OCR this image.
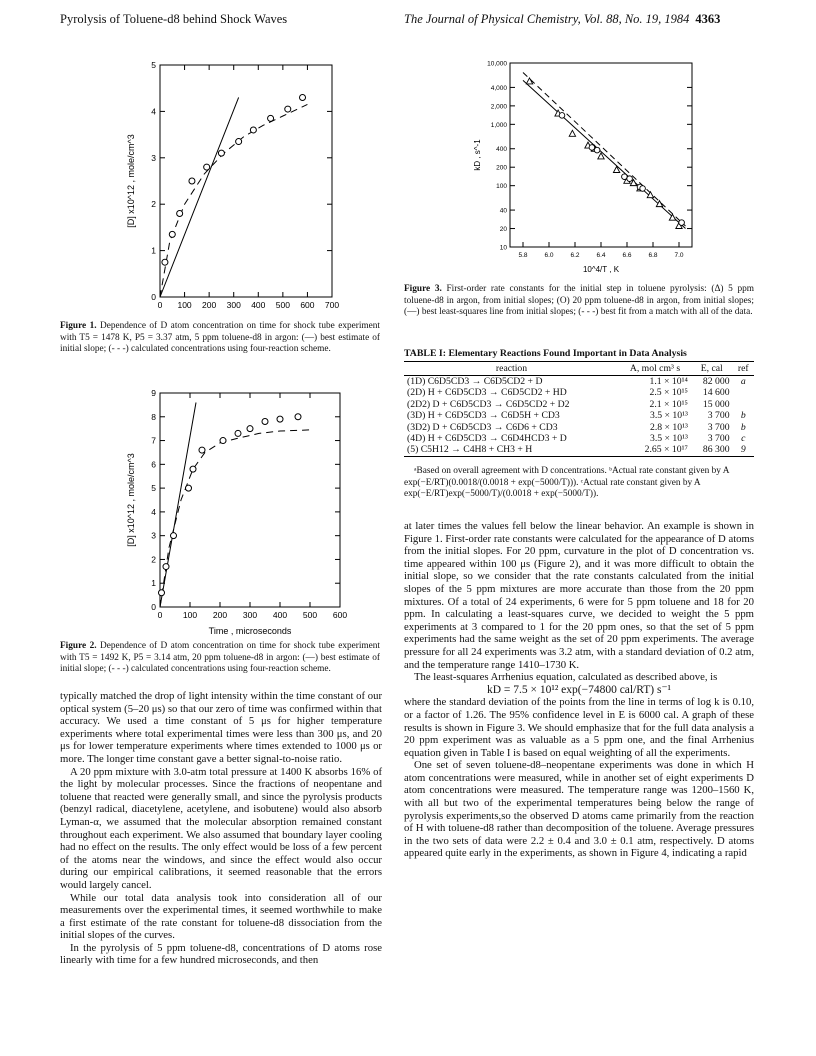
Pyrolysis of Toluene-d8 behind Shock Waves	The Journal of Physical Chemistry, Vol. 88, No. 19, 1984 4363
0 100 200 300 400 500 600 700
0
1
2
3
4
5
[D] x10^12 , mole/cm^3
Figure 1. Dependence of D atom concentration on time for shock tube experiment with T5 = 1478 K, P5 = 3.37 atm, 5 ppm toluene-d8 in argon: (—) best estimate of initial slope; (- - -) calculated concentrations using four-reaction scheme.
0 100 200 300 400 500 600
0
1
2
3
4
5
6
7
8
9
Time , microseconds
[D] x10^12 , mole/cm^3
Figure 2. Dependence of D atom concentration on time for shock tube experiment with T5 = 1492 K, P5 = 3.14 atm, 20 ppm toluene-d8 in argon: (—) best estimate of initial slope; (- - -) calculated concentrations using four-reaction scheme.

typically matched the drop of light intensity within the time constant of our optical system (5–20 μs) so that our zero of time was confirmed within that accuracy. We used a time constant of 5 μs for higher temperature experiments where total experimental times were less than 300 μs, and 20 μs for lower temperature experiments where times extended to 1000 μs or more. The longer time constant gave a better signal-to-noise ratio.

A 20 ppm mixture with 3.0-atm total pressure at 1400 K absorbs 16% of the light by molecular processes. Since the fractions of neopentane and toluene that reacted were generally small, and since the pyrolysis products (benzyl radical, diacetylene, acetylene, and isobutene) would also absorb Lyman-α, we assumed that the molecular absorption remained constant throughout each experiment. We also assumed that boundary layer cooling had no effect on the results. The only effect would be loss of a few percent of the atoms near the windows, and since the effect would also occur during our empirical calibrations, it seemed reasonable that the errors would largely cancel.

While our total data analysis took into consideration all of our measurements over the experimental times, it seemed worthwhile to make a first estimate of the rate constant for toluene-d8 dissociation from the initial slopes of the curves.

In the pyrolysis of 5 ppm toluene-d8, concentrations of D atoms rose linearly with time for a few hundred microseconds, and then

5.8	6.0	6.2	6.4	6.6	6.8	7.0
10
20
40
100
200
400
1,000
2,000
4,000
10,000
10^4/T , K
kD , s^-1
Figure 3. First-order rate constants for the initial step in toluene pyrolysis: (Δ) 5 ppm toluene-d8 in argon, from initial slopes; (O) 20 ppm toluene-d8 in argon, from initial slopes; (—) best least-squares line from initial slopes; (- - -) best fit from a match with all of the data.
TABLE I: Elementary Reactions Found Important in Data Analysis
reaction	A, mol cm³ s	E, cal	ref
(1D) C6D5CD3 → C6D5CD2 + D	1.1 × 10¹⁴	82 000	a
(2D) H + C6D5CD3 → C6D5CD2 + HD	2.5 × 10¹⁵	14 600	
(2D2) D + C6D5CD3 → C6D5CD2 + D2	2.1 × 10¹⁵	15 000	
(3D) H + C6D5CD3 → C6D5H + CD3	3.5 × 10¹³	3 700	b
(3D2) D + C6D5CD3 → C6D6 + CD3	2.8 × 10¹³	3 700	b
(4D) H + C6D5CD3 → C6D4HCD3 + D	3.5 × 10¹³	3 700	c
(5) C5H12 → C4H8 + CH3 + H	2.65 × 10¹⁷	86 300	9

ᵃBased on overall agreement with D concentrations. ᵇActual rate constant given by A exp(−E/RT)(0.0018/(0.0018 + exp(−5000/T))). ᶜActual rate constant given by A exp(−E/RT)exp(−5000/T)/(0.0018 + exp(−5000/T)).

at later times the values fell below the linear behavior. An example is shown in Figure 1. First-order rate constants were calculated for the appearance of D atoms from the initial slopes. For 20 ppm, curvature in the plot of D concentration vs. time appeared within 100 μs (Figure 2), and it was more difficult to obtain the initial slope, so we consider that the rate constants calculated from the initial slopes of the 5 ppm mixtures are more accurate than those from the 20 ppm mixtures. Of a total of 24 experiments, 6 were for 5 ppm toluene and 18 for 20 ppm. In calculating a least-squares curve, we decided to weight the 5 ppm experiments at 3 compared to 1 for the 20 ppm ones, so that the set of 5 ppm experiments had the same weight as the set of 20 ppm experiments. The average pressure for all 24 experiments was 3.2 atm, with a standard deviation of 0.2 atm, and the temperature range 1410–1730 K.

The least-squares Arrhenius equation, calculated as described above, is

kD = 7.5 × 10¹² exp(−74800 cal/RT) s⁻¹

where the standard deviation of the points from the line in terms of log k is 0.10, or a factor of 1.26. The 95% confidence level in E is 6000 cal. A graph of these results is shown in Figure 3. We should emphasize that for the full data analysis a 20 ppm experiment was as valuable as a 5 ppm one, and the final Arrhenius equation given in Table I is based on equal weighting of all the experiments.

One set of seven toluene-d8–neopentane experiments was done in which H atom concentrations were measured, while in another set of eight experiments D atom concentrations were measured. The temperature range was 1200–1560 K, with all but two of the experimental temperatures being below the range of pyrolysis experiments,so the observed D atoms came primarily from the reaction of H with toluene-d8 rather than decomposition of the toluene. Average pressures in the two sets of data were 2.2 ± 0.4 and 3.0 ± 0.1 atm, respectively. D atoms appeared quite early in the experiments, as shown in Figure 4, indicating a rapid
